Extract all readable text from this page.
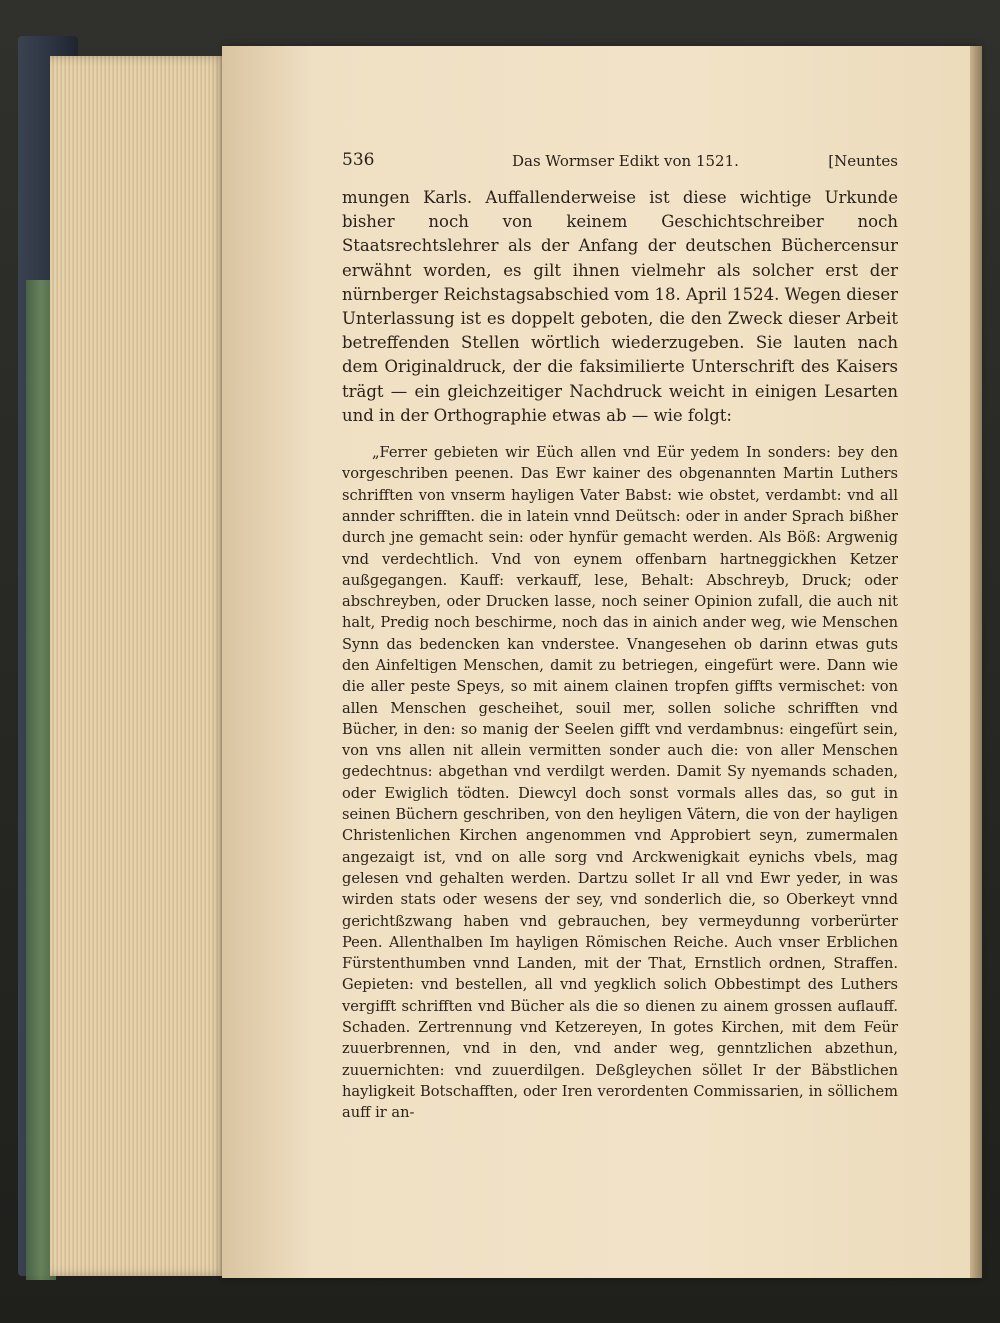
536	Das Wormser Edikt von 1521.	[Neuntes

mungen Karls. Auffallenderweise ist diese wichtige Urkunde bisher noch von keinem Geschichtschreiber noch Staatsrechtslehrer als der Anfang der deutschen Büchercensur erwähnt worden, es gilt ihnen vielmehr als solcher erst der nürnberger Reichstagsabschied vom 18. April 1524. Wegen dieser Unterlassung ist es doppelt geboten, die den Zweck dieser Arbeit betreffenden Stellen wörtlich wiederzugeben. Sie lauten nach dem Originaldruck, der die faksimilierte Unterschrift des Kaisers trägt — ein gleichzeitiger Nachdruck weicht in einigen Lesarten und in der Orthographie etwas ab — wie folgt:

„Ferrer gebieten wir Eüch allen vnd Eür yedem In sonders: bey den vorgeschriben peenen. Das Ewr kainer des obgenannten Martin Luthers schrifften von vnserm hayligen Vater Babst: wie obstet, verdambt: vnd all annder schrifften. die in latein vnnd Deütsch: oder in ander Sprach bißher durch jne gemacht sein: oder hynfür gemacht werden. Als Böß: Argwenig vnd verdechtlich. Vnd von eynem offenbarn hartneggickhen Ketzer außgegangen. Kauff: verkauff, lese, Behalt: Abschreyb, Druck; oder abschreyben, oder Drucken lasse, noch seiner Opinion zufall, die auch nit halt, Predig noch beschirme, noch das in ainich ander weg, wie Menschen Synn das bedencken kan vnderstee. Vnangesehen ob darinn etwas guts den Ainfeltigen Menschen, damit zu betriegen, eingefürt were. Dann wie die aller peste Speys, so mit ainem clainen tropfen giffts vermischet: von allen Menschen gescheihet, souil mer, sollen soliche schrifften vnd Bücher, in den: so manig der Seelen gifft vnd verdambnus: eingefürt sein, von vns allen nit allein vermitten sonder auch die: von aller Menschen gedechtnus: abgethan vnd verdilgt werden. Damit Sy nyemands schaden, oder Ewiglich tödten. Diewcyl doch sonst vormals alles das, so gut in seinen Büchern geschriben, von den heyligen Vätern, die von der hayligen Christenlichen Kirchen angenommen vnd Approbiert seyn, zumermalen angezaigt ist, vnd on alle sorg vnd Arckwenigkait eynichs vbels, mag gelesen vnd gehalten werden. Dartzu sollet Ir all vnd Ewr yeder, in was wirden stats oder wesens der sey, vnd sonderlich die, so Oberkeyt vnnd gerichtßzwang haben vnd gebrauchen, bey vermeydunng vorberürter Peen. Allenthalben Im hayligen Römischen Reiche. Auch vnser Erblichen Fürstenthumben vnnd Landen, mit der That, Ernstlich ordnen, Straffen. Gepieten: vnd bestellen, all vnd yegklich solich Obbestimpt des Luthers vergifft schrifften vnd Bücher als die so dienen zu ainem grossen auflauff. Schaden. Zertrennung vnd Ketzereyen, In gotes Kirchen, mit dem Feür zuuerbrennen, vnd in den, vnd ander weg, genntzlichen abzethun, zuuernichten: vnd zuuerdilgen. Deßgleychen söllet Ir der Bäbstlichen hayligkeit Botschafften, oder Iren verordenten Commissarien, in söllichem auff ir an-
